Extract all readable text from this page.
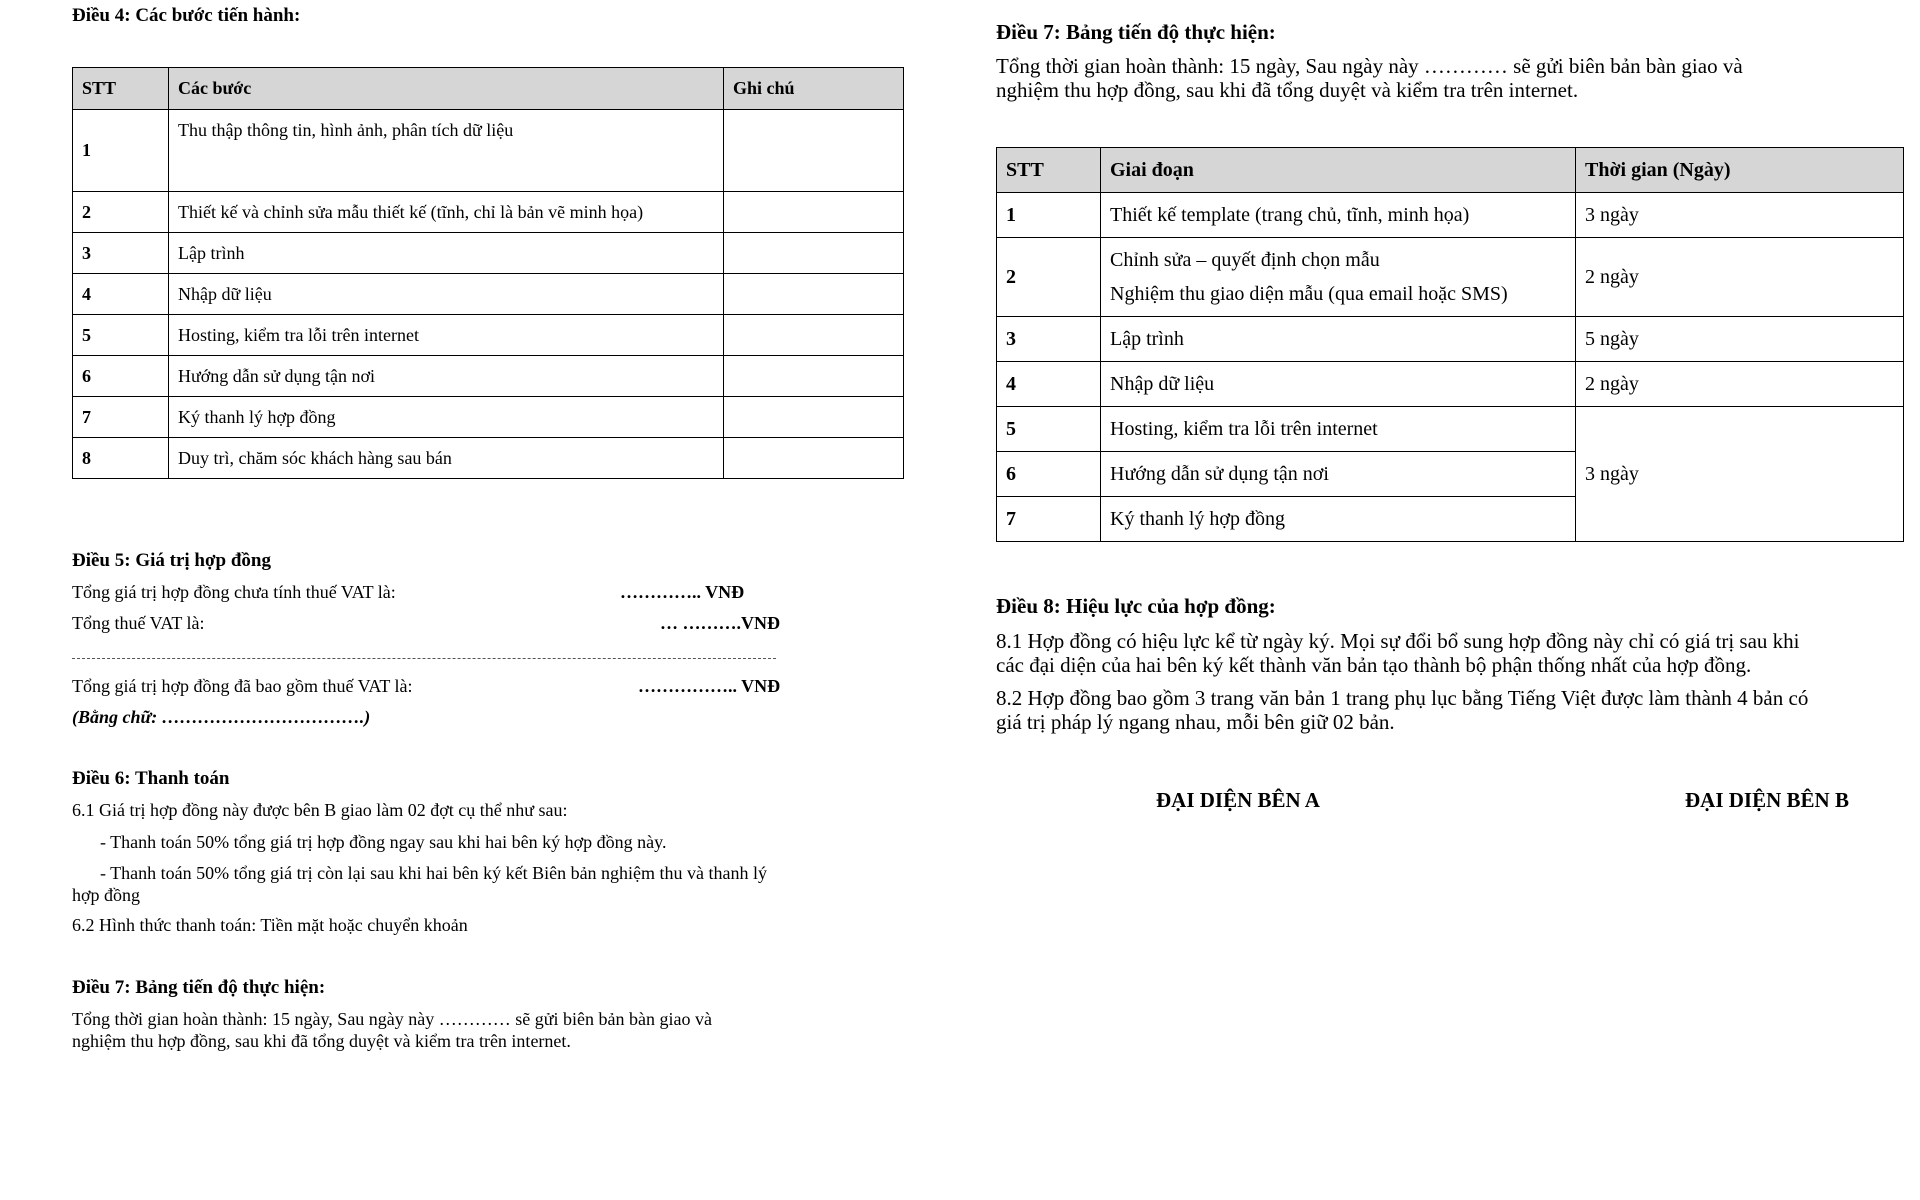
Điều 4: Các bước tiến hành:
STT	Các bước	Ghi chú
1	Thu thập thông tin, hình ảnh, phân tích dữ liệu	
2	Thiết kế và chỉnh sửa mẫu thiết kế (tĩnh, chỉ là bản vẽ minh họa)	
3	Lập trình	
4	Nhập dữ liệu	
5	Hosting, kiểm tra lỗi trên internet	
6	Hướng dẫn sử dụng tận nơi	
7	Ký thanh lý hợp đồng	
8	Duy trì, chăm sóc khách hàng sau bán	
Điều 5: Giá trị hợp đồng
Tổng giá trị hợp đồng chưa tính thuế VAT là:	………….. VNĐ
Tổng thuế VAT là:	… ……….VNĐ
Tổng giá trị hợp đồng đã bao gồm thuế VAT là:	…………….. VNĐ
(Bằng chữ: …………………………….)
Điều 6: Thanh toán
6.1 Giá trị hợp đồng này được bên B giao làm 02 đợt cụ thể như sau:
- Thanh toán 50% tổng giá trị hợp đồng ngay sau khi hai bên ký hợp đồng này.
- Thanh toán 50% tổng giá trị còn lại sau khi hai bên ký kết Biên bản nghiệm thu và thanh lý
hợp đồng
6.2 Hình thức thanh toán: Tiền mặt hoặc chuyển khoản
Điều 7: Bảng tiến độ thực hiện:
Tổng thời gian hoàn thành: 15 ngày, Sau ngày này ………… sẽ gửi biên bản bàn giao và
nghiệm thu hợp đồng, sau khi đã tổng duyệt và kiểm tra trên internet.
Điều 7: Bảng tiến độ thực hiện:
Tổng thời gian hoàn thành: 15 ngày, Sau ngày này ………… sẽ gửi biên bản bàn giao và
nghiệm thu hợp đồng, sau khi đã tổng duyệt và kiểm tra trên internet.
STT	Giai đoạn	Thời gian (Ngày)
1	Thiết kế template (trang chủ, tĩnh, minh họa)	3 ngày
2	Chỉnh sửa – quyết định chọn mẫu
Nghiệm thu giao diện mẫu (qua email hoặc SMS)	2 ngày
3	Lập trình	5 ngày
4	Nhập dữ liệu	2 ngày
5	Hosting, kiểm tra lỗi trên internet	3 ngày
6	Hướng dẫn sử dụng tận nơi	
7	Ký thanh lý hợp đồng	
Điều 8: Hiệu lực của hợp đồng:
8.1 Hợp đồng có hiệu lực kể từ ngày ký. Mọi sự đổi bổ sung hợp đồng này chỉ có giá trị sau khi
các đại diện của hai bên ký kết thành văn bản tạo thành bộ phận thống nhất của hợp đồng.
8.2 Hợp đồng bao gồm 3 trang văn bản 1 trang phụ lục bằng Tiếng Việt được làm thành 4 bản có
giá trị pháp lý ngang nhau, mỗi bên giữ 02 bản.
ĐẠI DIỆN BÊN A	ĐẠI DIỆN BÊN B
